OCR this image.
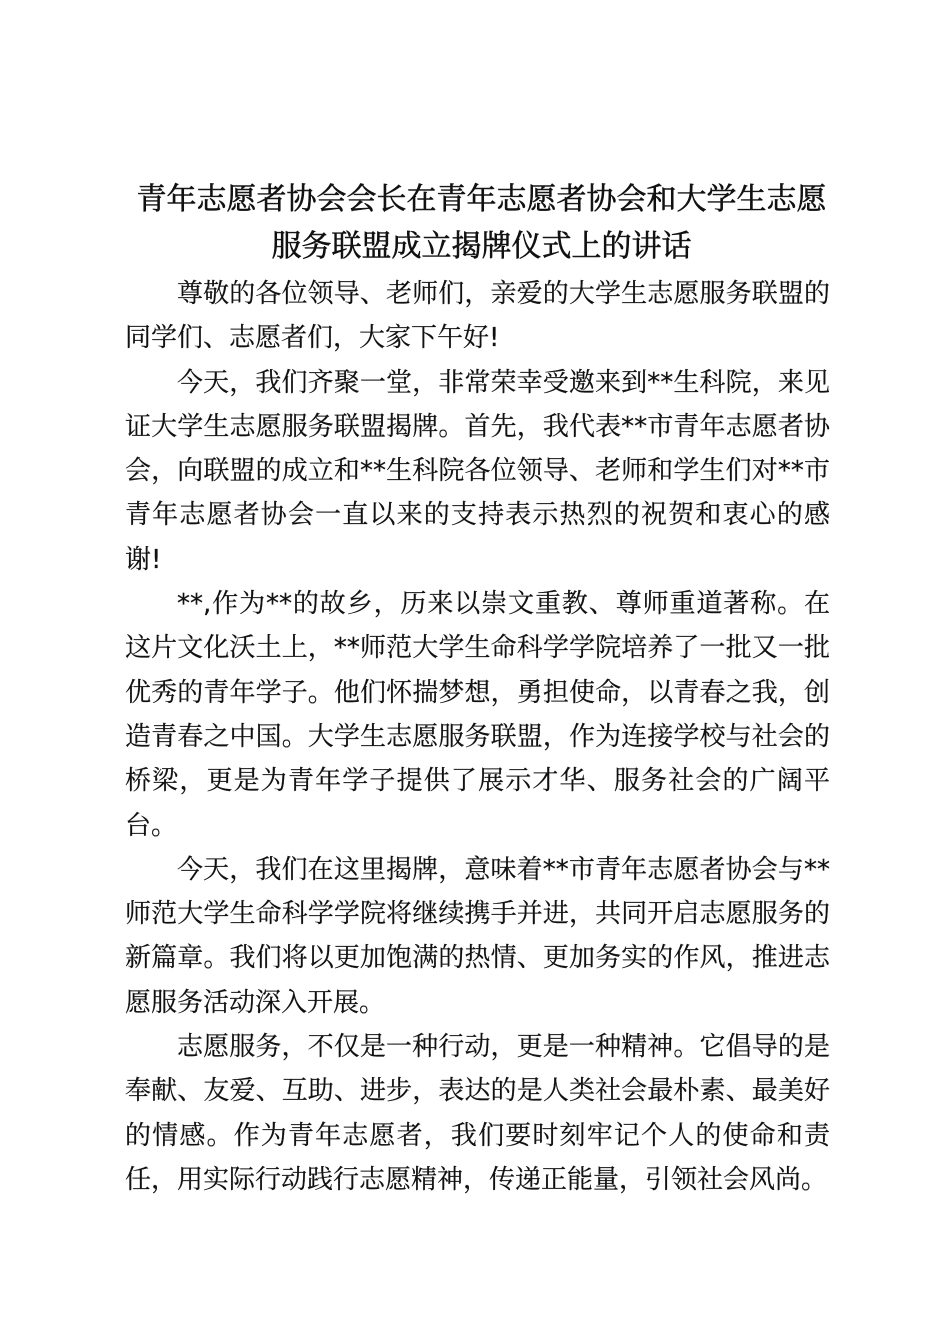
青年志愿者协会会长在青年志愿者协会和大学生志愿服务联盟成立揭牌仪式上的讲话

尊敬的各位领导、老师们，亲爱的大学生志愿服务联盟的同学们、志愿者们，大家下午好!

今天，我们齐聚一堂，非常荣幸受邀来到**生科院，来见证大学生志愿服务联盟揭牌。首先，我代表**市青年志愿者协会，向联盟的成立和**生科院各位领导、老师和学生们对**市青年志愿者协会一直以来的支持表示热烈的祝贺和衷心的感谢!

**,作为**的故乡，历来以崇文重教、尊师重道著称。在这片文化沃土上，**师范大学生命科学学院培养了一批又一批优秀的青年学子。他们怀揣梦想，勇担使命，以青春之我，创造青春之中国。大学生志愿服务联盟，作为连接学校与社会的桥梁，更是为青年学子提供了展示才华、服务社会的广阔平台。

今天，我们在这里揭牌，意味着**市青年志愿者协会与**师范大学生命科学学院将继续携手并进，共同开启志愿服务的新篇章。我们将以更加饱满的热情、更加务实的作风，推进志愿服务活动深入开展。

志愿服务，不仅是一种行动，更是一种精神。它倡导的是奉献、友爱、互助、进步，表达的是人类社会最朴素、最美好的情感。作为青年志愿者，我们要时刻牢记个人的使命和责任，用实际行动践行志愿精神，传递正能量，引领社会风尚。
